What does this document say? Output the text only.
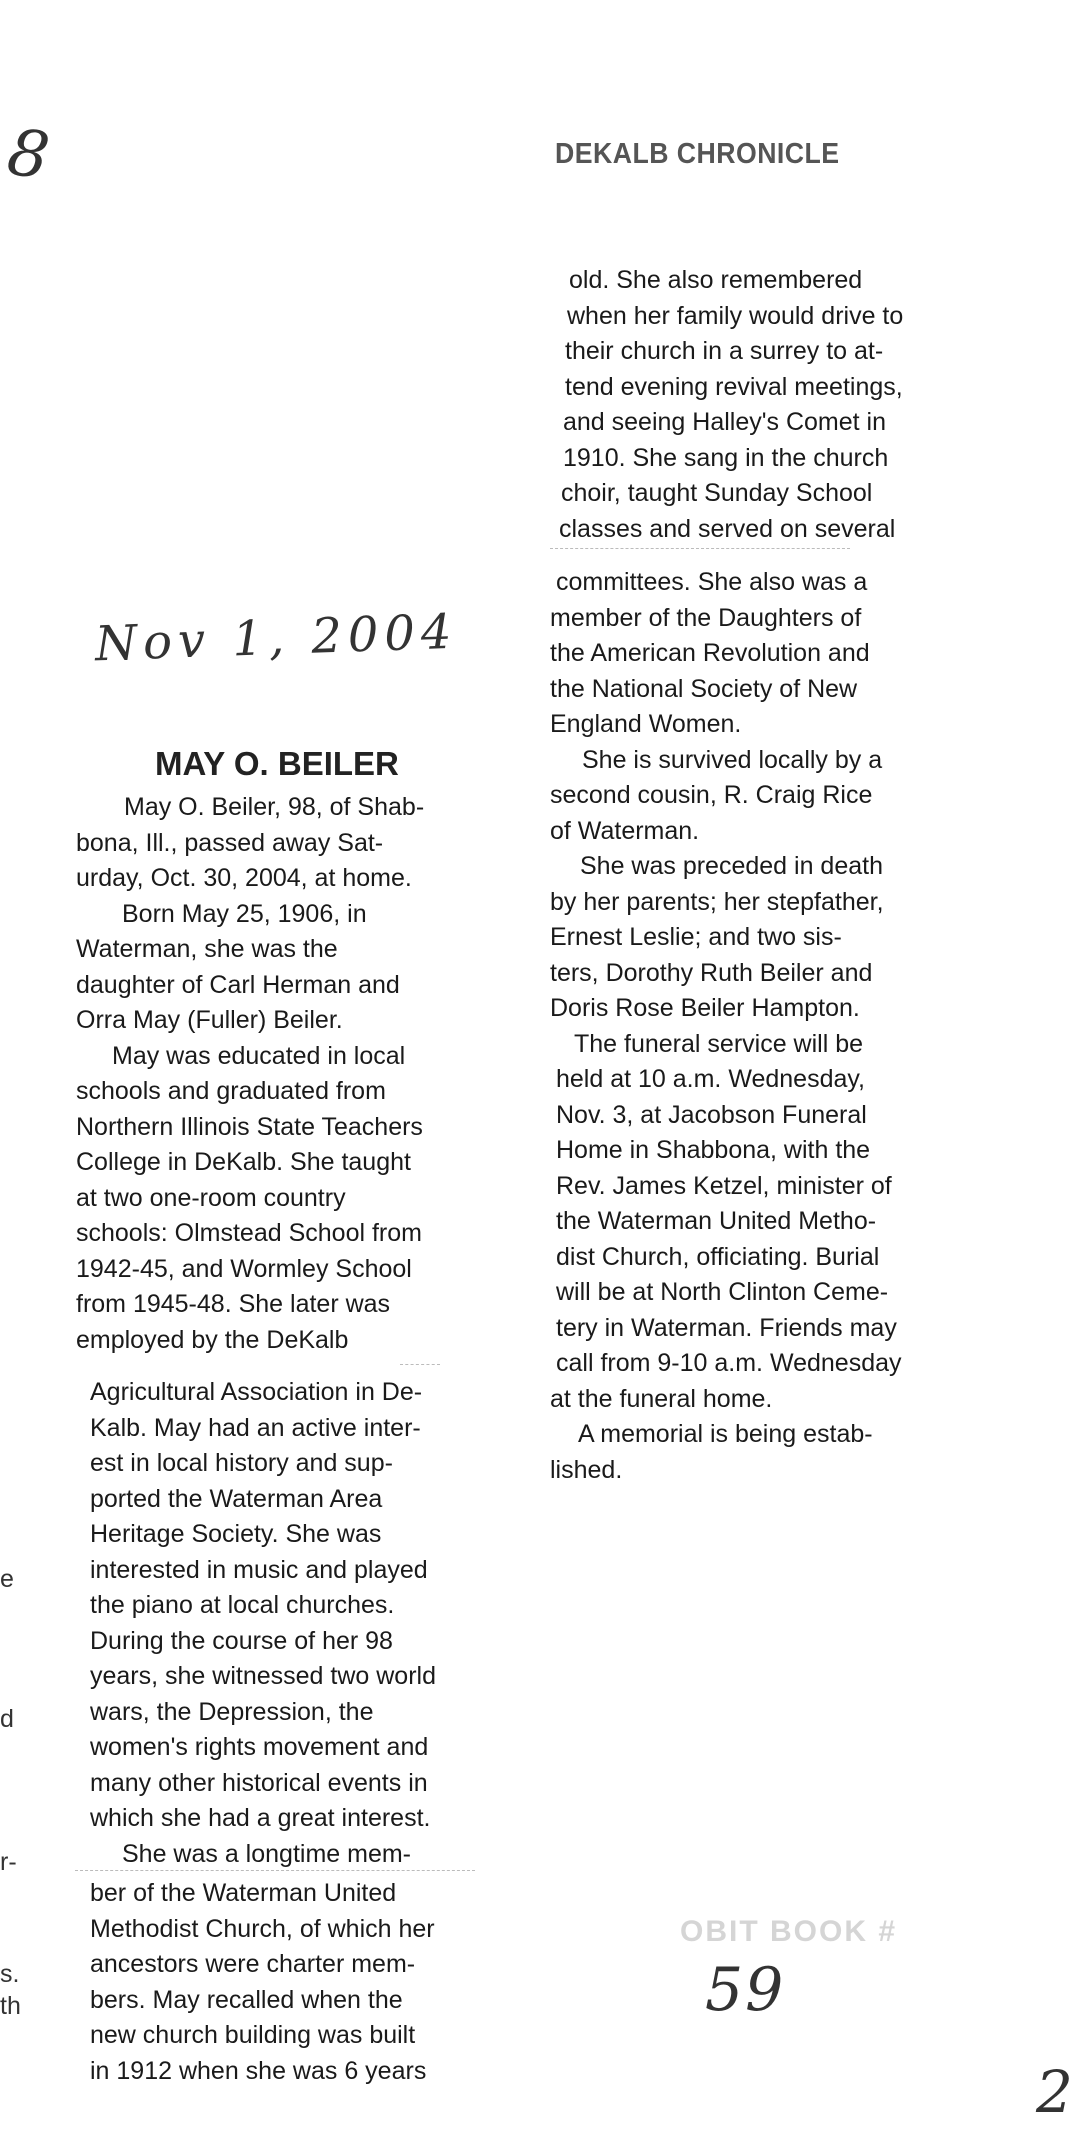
8	DEKALB CHRONICLE
Nov 1, 2004
MAY O. BEILER

May O. Beiler, 98, of Shab-

bona, Ill., passed away Sat-

urday, Oct. 30, 2004, at home.

Born May 25, 1906, in

Waterman, she was the

daughter of Carl Herman and

Orra May (Fuller) Beiler.

May was educated in local

schools and graduated from

Northern Illinois State Teachers

College in DeKalb. She taught

at two one-room country

schools: Olmstead School from

1942-45, and Wormley School

from 1945-48. She later was

employed by the DeKalb

Agricultural Association in De-

Kalb. May had an active inter-

est in local history and sup-

ported the Waterman Area

Heritage Society. She was

interested in music and played

the piano at local churches.

During the course of her 98

years, she witnessed two world

wars, the Depression, the

women's rights movement and

many other historical events in

which she had a great interest.

She was a longtime mem-

ber of the Waterman United

Methodist Church, of which her

ancestors were charter mem-

bers. May recalled when the

new church building was built

in 1912 when she was 6 years

old. She also remembered

when her family would drive to

their church in a surrey to at-

tend evening revival meetings,

and seeing Halley's Comet in

1910. She sang in the church

choir, taught Sunday School

classes and served on several

committees. She also was a

member of the Daughters of

the American Revolution and

the National Society of New

England Women.

She is survived locally by a

second cousin, R. Craig Rice

of Waterman.

She was preceded in death

by her parents; her stepfather,

Ernest Leslie; and two sis-

ters, Dorothy Ruth Beiler and

Doris Rose Beiler Hampton.

The funeral service will be

held at 10 a.m. Wednesday,

Nov. 3, at Jacobson Funeral

Home in Shabbona, with the

Rev. James Ketzel, minister of

the Waterman United Metho-

dist Church, officiating. Burial

will be at North Clinton Ceme-

tery in Waterman. Friends may

call from 9-10 a.m. Wednesday

at the funeral home.

A memorial is being estab-

lished.

e
d
r-
s.
th
OBIT BOOK #
59
2
